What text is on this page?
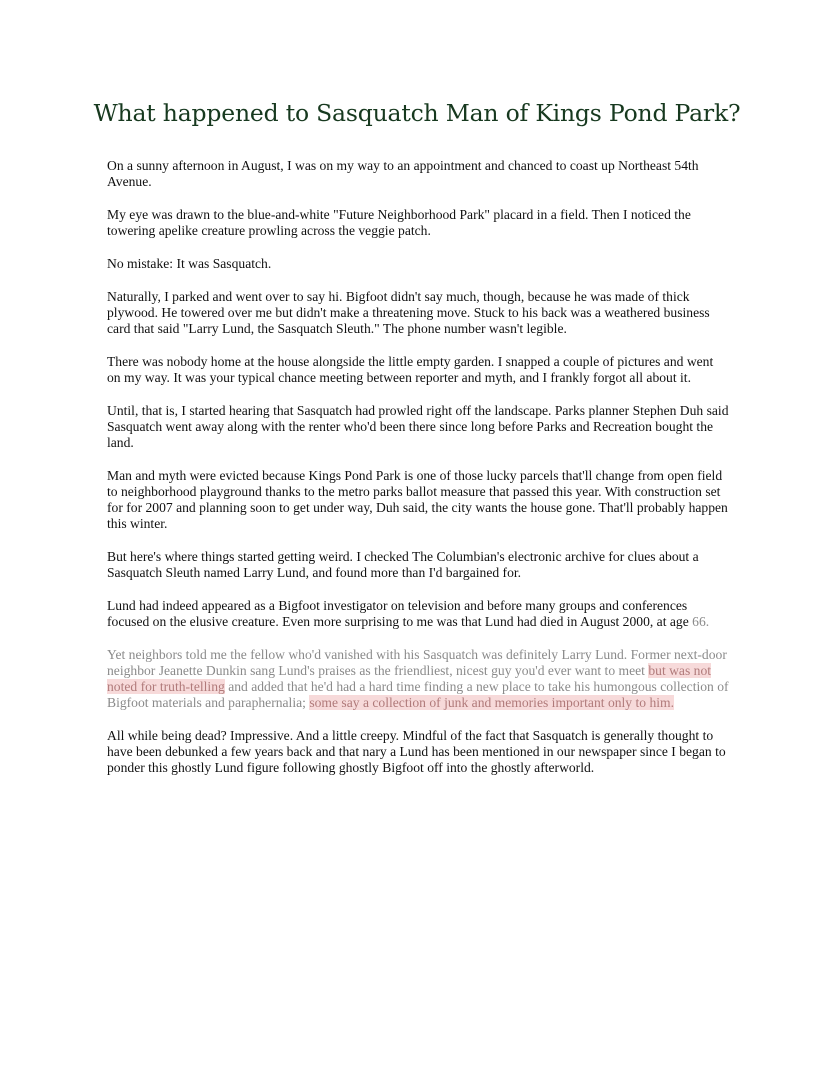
What happened to Sasquatch Man of Kings Pond Park?

On a sunny afternoon in August, I was on my way to an appointment and chanced to coast up Northeast 54th Avenue.

My eye was drawn to the blue-and-white "Future Neighborhood Park" placard in a field. Then I noticed the towering apelike creature prowling across the veggie patch.

No mistake: It was Sasquatch.

Naturally, I parked and went over to say hi. Bigfoot didn't say much, though, because he was made of thick plywood. He towered over me but didn't make a threatening move. Stuck to his back was a weathered business card that said "Larry Lund, the Sasquatch Sleuth." The phone number wasn't legible.

There was nobody home at the house alongside the little empty garden. I snapped a couple of pictures and went on my way. It was your typical chance meeting between reporter and myth, and I frankly forgot all about it.

Until, that is, I started hearing that Sasquatch had prowled right off the landscape. Parks planner Stephen Duh said Sasquatch went away along with the renter who'd been there since long before Parks and Recreation bought the land.

Man and myth were evicted because Kings Pond Park is one of those lucky parcels that'll change from open field to neighborhood playground thanks to the metro parks ballot measure that passed this year. With construction set for for 2007 and planning soon to get under way, Duh said, the city wants the house gone. That'll probably happen this winter.

But here's where things started getting weird. I checked The Columbian's electronic archive for clues about a Sasquatch Sleuth named Larry Lund, and found more than I'd bargained for.

Lund had indeed appeared as a Bigfoot investigator on television and before many groups and conferences focused on the elusive creature. Even more surprising to me was that Lund had died in August 2000, at age 66.

Yet neighbors told me the fellow who'd vanished with his Sasquatch was definitely Larry Lund. Former next-door neighbor Jeanette Dunkin sang Lund's praises as the friendliest, nicest guy you'd ever want to meet but was not noted for truth-telling and added that he'd had a hard time finding a new place to take his humongous collection of Bigfoot materials and paraphernalia; some say a collection of junk and memories important only to him.

All while being dead? Impressive. And a little creepy. Mindful of the fact that Sasquatch is generally thought to have been debunked a few years back and that nary a Lund has been mentioned in our newspaper since I began to ponder this ghostly Lund figure following ghostly Bigfoot off into the ghostly afterworld.
